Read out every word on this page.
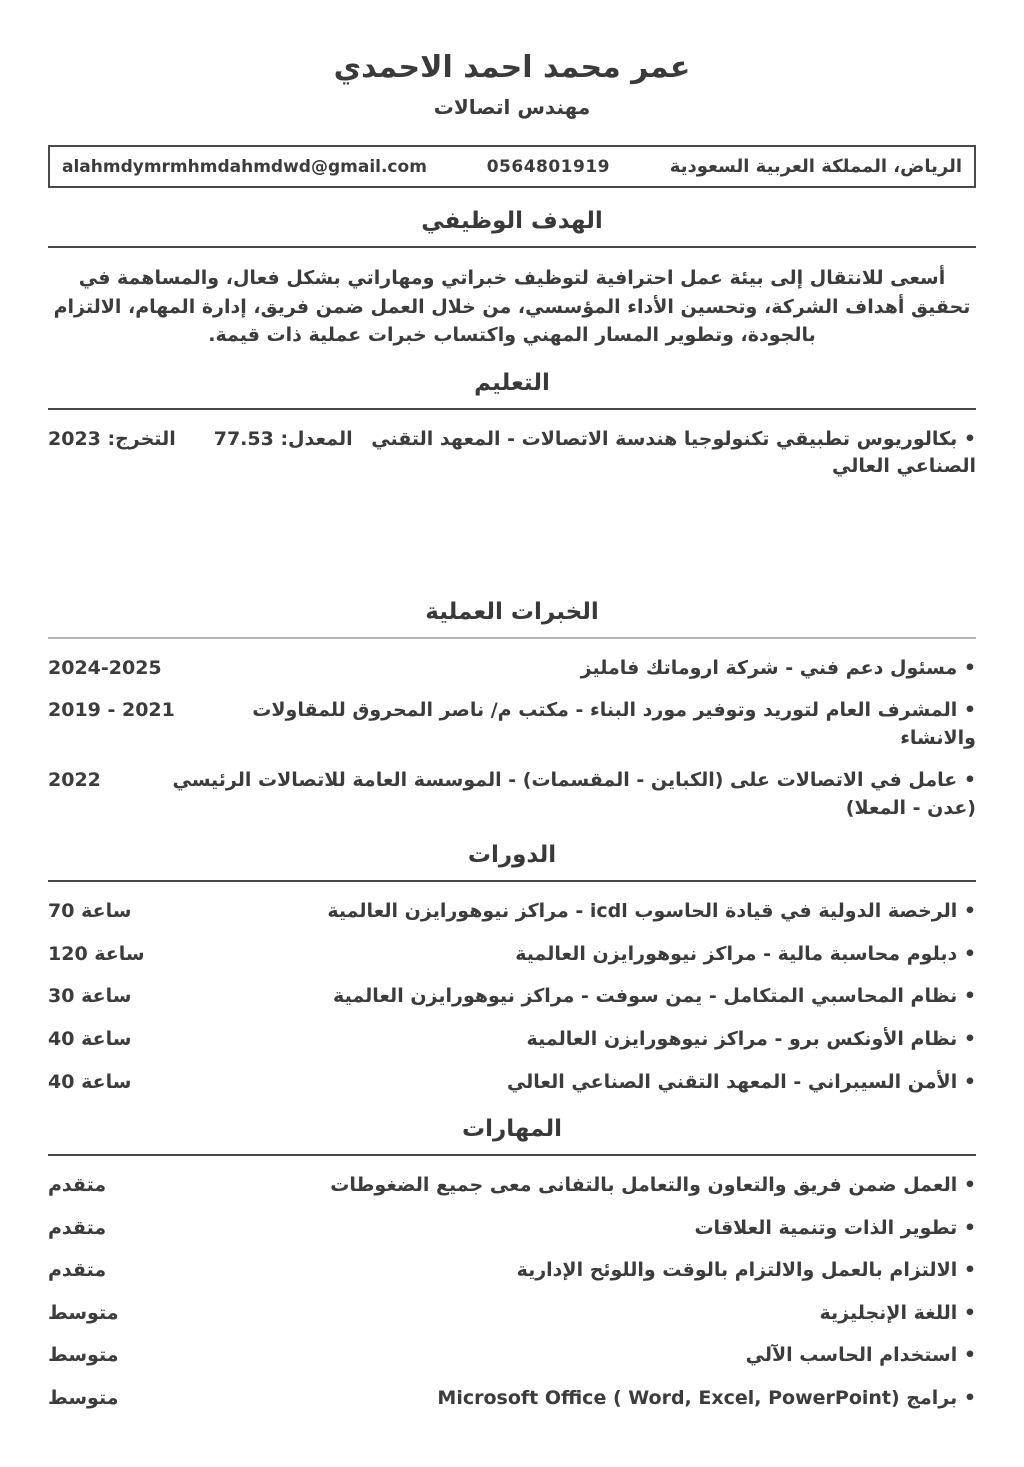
عمر محمد احمد الاحمدي
مهندس اتصالات
الرياض، المملكة العربية السعودية
0564801919
alahmdymrmhmdahmdwd@gmail.com
الهدف الوظيفي

أسعى للانتقال إلى بيئة عمل احترافية لتوظيف خبراتي ومهاراتي بشكل فعال، والمساهمة في تحقيق أهداف الشركة، وتحسين الأداء المؤسسي، من خلال العمل ضمن فريق، إدارة المهام، الالتزام بالجودة، وتطوير المسار المهني واكتساب خبرات عملية ذات قيمة.

التعليم
• بكالوريوس تطبيقي تكنولوجيا هندسة الاتصالات - المعهد التقني الصناعي العالي
المعدل: 77.53
التخرج: 2023
الخبرات العملية
• مسئول دعم فني - شركة اروماتك فامليز
2024-2025
• المشرف العام لتوريد وتوفير مورد البناء - مكتب م/ ناصر المحروق للمقاولات والانشاء
2019 - 2021
• عامل في الاتصالات على (الكباين - المقسمات) - الموسسة العامة للاتصالات الرئيسي (عدن - المعلا)
2022
الدورات
• الرخصة الدولية في قيادة الحاسوب icdl - مراكز نيوهورايزن العالمية
70 ساعة
• دبلوم محاسبة مالية - مراكز نيوهورايزن العالمية
120 ساعة
• نظام المحاسبي المتكامل - يمن سوفت - مراكز نيوهورايزن العالمية
30 ساعة
• نظام الأونكس برو - مراكز نيوهورايزن العالمية
40 ساعة
• الأمن السيبراني - المعهد التقني الصناعي العالي
40 ساعة
المهارات
• العمل ضمن فريق والتعاون والتعامل بالتفانى معى جميع الضغوطات
متقدم
• تطوير الذات وتنمية العلاقات
متقدم
• الالتزام بالعمل والالتزام بالوقت واللوئح الإدارية
متقدم
• اللغة الإنجليزية
متوسط
• استخدام الحاسب الآلي
متوسط
• برامج Microsoft Office ( Word, Excel, PowerPoint)
متوسط
